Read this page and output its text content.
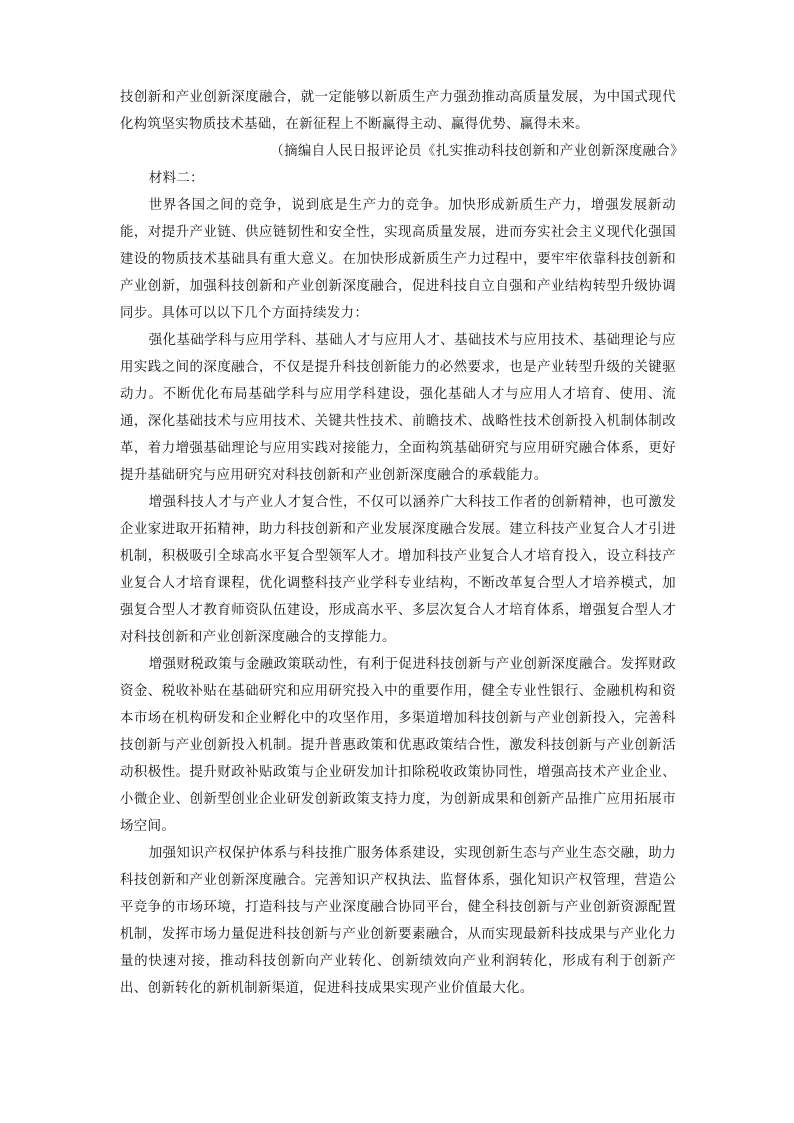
技创新和产业创新深度融合，就一定能够以新质生产力强劲推动高质量发展，为中国式现代化构筑坚实物质技术基础，在新征程上不断赢得主动、赢得优势、赢得未来。

（摘编自人民日报评论员《扎实推动科技创新和产业创新深度融合》

材料二：

世界各国之间的竞争，说到底是生产力的竞争。加快形成新质生产力，增强发展新动能，对提升产业链、供应链韧性和安全性，实现高质量发展，进而夯实社会主义现代化强国建设的物质技术基础具有重大意义。在加快形成新质生产力过程中，要牢牢依靠科技创新和产业创新，加强科技创新和产业创新深度融合，促进科技自立自强和产业结构转型升级协调同步。具体可以以下几个方面持续发力：

强化基础学科与应用学科、基础人才与应用人才、基础技术与应用技术、基础理论与应用实践之间的深度融合，不仅是提升科技创新能力的必然要求，也是产业转型升级的关键驱动力。不断优化布局基础学科与应用学科建设，强化基础人才与应用人才培育、使用、流通，深化基础技术与应用技术、关键共性技术、前瞻技术、战略性技术创新投入机制体制改革，着力增强基础理论与应用实践对接能力，全面构筑基础研究与应用研究融合体系，更好提升基础研究与应用研究对科技创新和产业创新深度融合的承载能力。

增强科技人才与产业人才复合性，不仅可以涵养广大科技工作者的创新精神，也可激发企业家进取开拓精神，助力科技创新和产业发展深度融合发展。建立科技产业复合人才引进机制，积极吸引全球高水平复合型领军人才。增加科技产业复合人才培育投入，设立科技产业复合人才培育课程，优化调整科技产业学科专业结构，不断改革复合型人才培养模式，加强复合型人才教育师资队伍建设，形成高水平、多层次复合人才培育体系，增强复合型人才对科技创新和产业创新深度融合的支撑能力。

增强财税政策与金融政策联动性，有利于促进科技创新与产业创新深度融合。发挥财政资金、税收补贴在基础研究和应用研究投入中的重要作用，健全专业性银行、金融机构和资本市场在机构研发和企业孵化中的攻坚作用，多渠道增加科技创新与产业创新投入，完善科技创新与产业创新投入机制。提升普惠政策和优惠政策结合性，激发科技创新与产业创新活动积极性。提升财政补贴政策与企业研发加计扣除税收政策协同性，增强高技术产业企业、小微企业、创新型创业企业研发创新政策支持力度，为创新成果和创新产品推广应用拓展市场空间。

加强知识产权保护体系与科技推广服务体系建设，实现创新生态与产业生态交融，助力科技创新和产业创新深度融合。完善知识产权执法、监督体系，强化知识产权管理，营造公平竞争的市场环境，打造科技与产业深度融合协同平台，健全科技创新与产业创新资源配置机制，发挥市场力量促进科技创新与产业创新要素融合，从而实现最新科技成果与产业化力量的快速对接，推动科技创新向产业转化、创新绩效向产业利润转化，形成有利于创新产出、创新转化的新机制新渠道，促进科技成果实现产业价值最大化。
